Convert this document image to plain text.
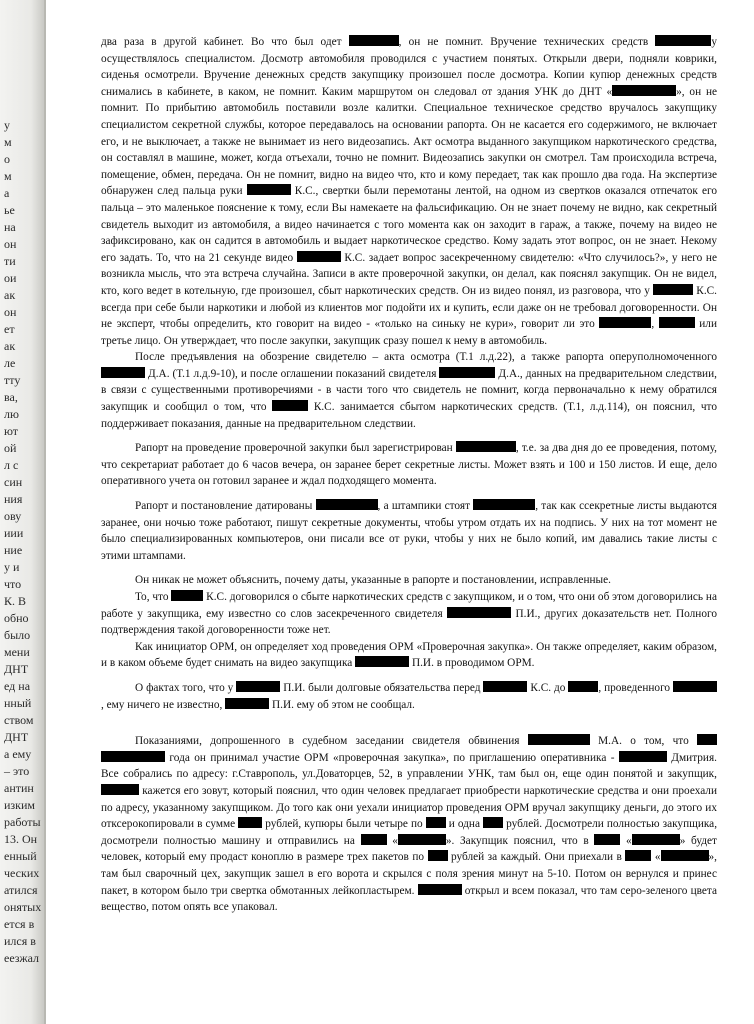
у
м
о
м
а
ье
на
он
ти
ои
ак
он
ет
ак
ле
тту
ва,
лю
ют
ой
л с
син
ния
ову
иии
ние
у и
что
К. В
обно
было
мени
ДНТ
ед на
нный
ством
ДНТ
а ему
– это
антин
изким
работы
13. Он
енный
ческих
атился
онятых
ется в
ился в
еезжал

два раза в другой кабинет. Во что был одет	, он не помнит. Вручение технических средств	у осуществлялось специалистом. Досмотр автомобиля проводился с участием понятых. Открыли двери, подняли коврики, сиденья осмотрели. Вручение денежных средств закупщику произошел после досмотра. Копии купюр денежных средств снимались в кабинете, в каком, не помнит. Каким маршрутом он следовал от здания УНК до ДНТ «	», он не помнит. По прибытию автомобиль поставили возле калитки. Специальное техническое средство вручалось закупщику специалистом секретной службы, которое передавалось на основании рапорта. Он не касается его содержимого, не включает его, и не выключает, а также не вынимает из него видеозапись. Акт осмотра выданного закупщиком наркотического средства, он составлял в машине, может, когда отъехали, точно не помнит. Видеозапись закупки он смотрел. Там происходила встреча, помещение, обмен, передача. Он не помнит, видно на видео что, кто и кому передает, так как прошло два года. На экспертизе обнаружен след пальца руки	К.С., свертки были перемотаны лентой, на одном из свертков оказался отпечаток его пальца – это маленькое пояснение к тому, если Вы намекаете на фальсификацию. Он не знает почему не видно, как секретный свидетель выходит из автомобиля, а видео начинается с того момента как он заходит в гараж, а также, почему на видео не зафиксировано, как он садится в автомобиль и выдает наркотическое средство. Кому задать этот вопрос, он не знает. Некому его задать. То, что на 21 секунде видео	К.С. задает вопрос засекреченному свидетелю: «Что случилось?», у него не возникла мысль, что эта встреча случайна. Записи в акте проверочной закупки, он делал, как пояснял закупщик. Он не видел, кто, кого ведет в котельную, где произошел, сбыт наркотических средств. Он из видео понял, из разговора, что у	К.С. всегда при себе были наркотики и любой из клиентов мог подойти их и купить, если даже он не требовал договоренности. Он не эксперт, чтобы определить, кто говорит на видео - «только на синьку не кури», говорит ли это	,	или третье лицо. Он утверждает, что после закупки, закупщик сразу пошел к нему в автомобиль.

После предъявления на обозрение свидетелю – акта осмотра (Т.1 л.д.22), а также рапорта оперуполномоченного  Д.А. (Т.1 л.д.9-10), и после оглашении показаний свидетеля	Д.А., данных на предварительном следствии, в связи с существенными противоречиями - в части того что свидетель не помнит, когда первоначально к нему обратился закупщик и сообщил о том, что	К.С. занимается сбытом наркотических средств. (Т.1, л.д.114), он пояснил, что поддерживает показания, данные на предварительном следствии.

Рапорт на проведение проверочной закупки был зарегистрирован	, т.е. за два дня до ее проведения, потому, что секретариат работает до 6 часов вечера, он заранее берет секретные листы. Может взять и 100 и 150 листов. И еще, дело оперативного учета он готовил заранее и ждал подходящего момента.

Рапорт и постановление датированы	, а штампики стоят	, так как ссекретные листы выдаются заранее, они ночью тоже работают, пишут секретные документы, чтобы утром отдать их на подпись. У них на тот момент не было специализированных компьютеров, они писали все от руки, чтобы у них не было копий, им давались такие листы с этими штампами.

Он никак не может объяснить, почему даты, указанные в рапорте и постановлении, исправленные.

То, что	К.С. договорился о сбыте наркотических средств с закупщиком, и о том, что они об этом договорились на работе у закупщика, ему известно со слов засекреченного свидетеля	П.И., других доказательств нет. Полного подтверждения такой договоренности тоже нет.

Как инициатор ОРМ, он определяет ход проведения ОРМ «Проверочная закупка». Он также определяет, каким образом, и в каком объеме будет снимать на видео закупщика	П.И. в проводимом ОРМ.

О фактах того, что у	П.И. были долговые обязательства перед	К.С. до	, проведенного , ему ничего не известно,	П.И. ему об этом не сообщал.

Показаниями, допрошенного в судебном заседании свидетеля обвинения	М.А. о том, что   года он принимал участие ОРМ «проверочная закупка», по приглашению оперативника -	Дмитрия. Все собрались по адресу: г.Ставрополь, ул.Доваторцев, 52, в управлении УНК, там был он, еще один понятой и закупщик,  кажется его зовут, который пояснил, что один человек предлагает приобрести наркотические средства и они проехали по адресу, указанному закупщиком. До того как они уехали инициатор проведения ОРМ вручал закупщику деньги, до этого их отксерокопировали в сумме  рублей, купюры были четыре по  и одна  рублей. Досмотрели полностью закупщика, досмотрели полностью машину и отправились на  «	». Закупщик пояснил, что в  «	» будет человек, который ему продаст коноплю в размере трех пакетов по  рублей за каждый. Они приехали в  «	», там был сварочный цех, закупщик зашел в его ворота и скрылся с поля зрения минут на 5-10. Потом он вернулся и принес пакет, в котором было три свертка обмотанных лейкопластырем.	открыл и всем показал, что там серо-зеленого цвета вещество, потом опять все упаковал.
